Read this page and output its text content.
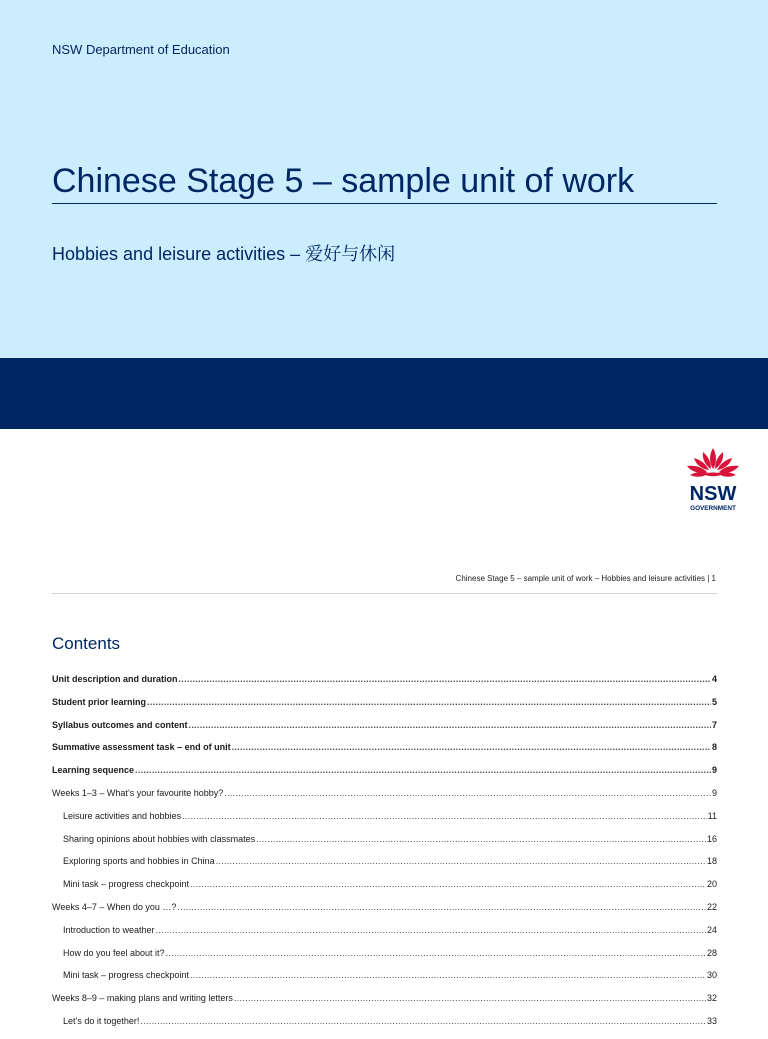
NSW Department of Education
Chinese Stage 5 – sample unit of work
Hobbies and leisure activities – 爱好与休闲
NSW
GOVERNMENT
Chinese Stage 5 – sample unit of work – Hobbies and leisure activities | 1
Contents
Unit description and duration .....	4
Student prior learning .....	5
Syllabus outcomes and content .....	7
Summative assessment task – end of unit .....	8
Learning sequence .....	9
Weeks 1–3 – What’s your favourite hobby? .....	9
Leisure activities and hobbies .....	11
Sharing opinions about hobbies with classmates .....	16
Exploring sports and hobbies in China .....	18
Mini task – progress checkpoint .....	20
Weeks 4–7 – When do you …? .....	22
Introduction to weather .....	24
How do you feel about it? .....	28
Mini task – progress checkpoint .....	30
Weeks 8–9 – making plans and writing letters .....	32
Let’s do it together! .....	33
